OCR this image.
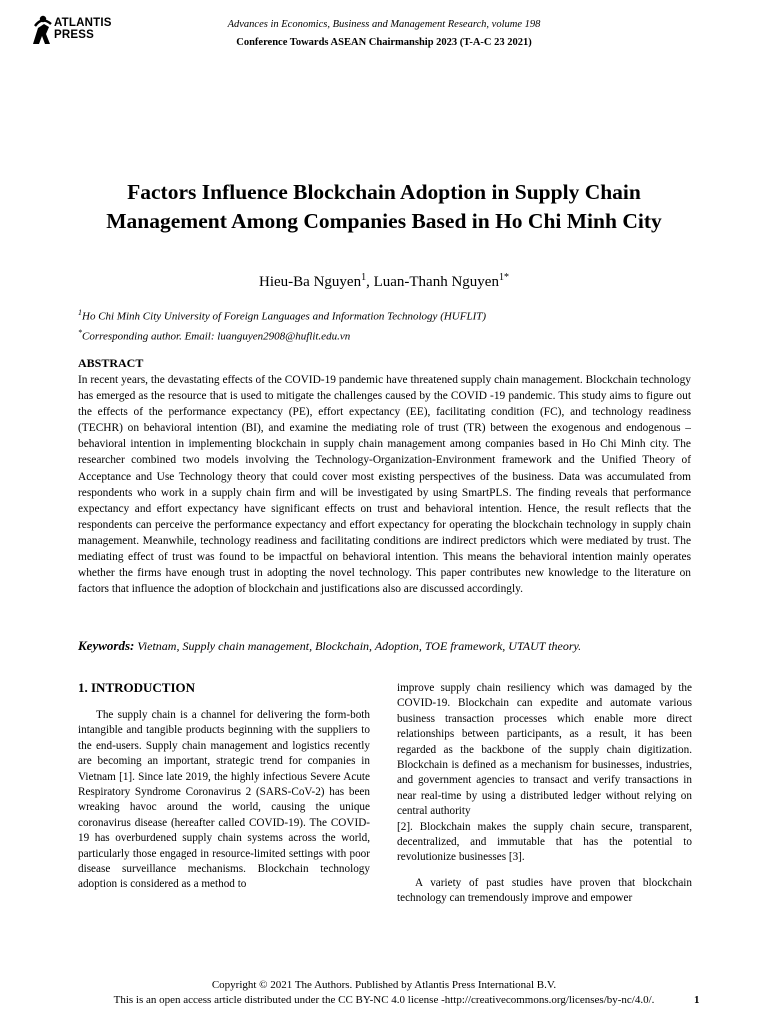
ATLANTIS
PRESS
Advances in Economics, Business and Management Research, volume 198
Conference Towards ASEAN Chairmanship 2023 (T-A-C 23 2021)
Factors Influence Blockchain Adoption in Supply Chain Management Among Companies Based in Ho Chi Minh City
Hieu-Ba Nguyen$^1$, Luan-Thanh Nguyen$^{1*}$
$^1$Ho Chi Minh City University of Foreign Languages and Information Technology (HUFLIT)
*Corresponding author. Email: luanguyen2908@huflit.edu.vn
ABSTRACT

In recent years, the devastating effects of the COVID-19 pandemic have threatened supply chain management. Blockchain technology has emerged as the resource that is used to mitigate the challenges caused by the COVID -19 pandemic. This study aims to figure out the effects of the performance expectancy (PE), effort expectancy (EE), facilitating condition (FC), and technology readiness (TECHR) on behavioral intention (BI), and examine the mediating role of trust (TR) between the exogenous and endogenous – behavioral intention in implementing blockchain in supply chain management among companies based in Ho Chi Minh city. The researcher combined two models involving the Technology-Organization-Environment framework and the Unified Theory of Acceptance and Use Technology theory that could cover most existing perspectives of the business. Data was accumulated from respondents who work in a supply chain firm and will be investigated by using SmartPLS. The finding reveals that performance expectancy and effort expectancy have significant effects on trust and behavioral intention. Hence, the result reflects that the respondents can perceive the performance expectancy and effort expectancy for operating the blockchain technology in supply chain management. Meanwhile, technology readiness and facilitating conditions are indirect predictors which were mediated by trust. The mediating effect of trust was found to be impactful on behavioral intention. This means the behavioral intention mainly operates whether the firms have enough trust in adopting the novel technology. This paper contributes new knowledge to the literature on factors that influence the adoption of blockchain and justifications also are discussed accordingly.

Keywords: Vietnam, Supply chain management, Blockchain, Adoption, TOE framework, UTAUT theory.
1. INTRODUCTION

The supply chain is a channel for delivering the form-both intangible and tangible products beginning with the suppliers to the end-users. Supply chain management and logistics recently are becoming an important, strategic trend for companies in Vietnam [1]. Since late 2019, the highly infectious Severe Acute Respiratory Syndrome Coronavirus 2 (SARS-CoV-2) has been wreaking havoc around the world, causing the unique coronavirus disease (hereafter called COVID-19). The COVID-19 has overburdened supply chain systems across the world, particularly those engaged in resource-limited settings with poor disease surveillance mechanisms. Blockchain technology adoption is considered as a method to

improve supply chain resiliency which was damaged by the COVID-19. Blockchain can expedite and automate various business transaction processes which enable more direct relationships between participants, as a result, it has been regarded as the backbone of the supply chain digitization. Blockchain is defined as a mechanism for businesses, industries, and government agencies to transact and verify transactions in near real-time by using a distributed ledger without relying on central authority

[2]. Blockchain makes the supply chain secure, transparent, decentralized, and immutable that has the potential to revolutionize businesses [3].

A variety of past studies have proven that blockchain technology can tremendously improve and empower

Copyright © 2021 The Authors. Published by Atlantis Press International B.V.
This is an open access article distributed under the CC BY-NC 4.0 license -http://creativecommons.org/licenses/by-nc/4.0/.	1
